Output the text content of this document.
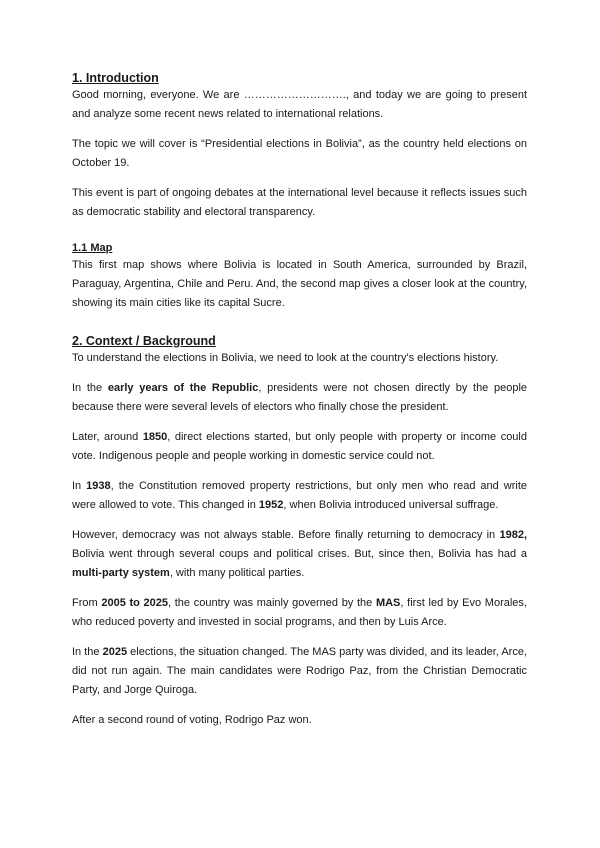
1. Introduction

Good morning, everyone. We are ………………………., and today we are going to present and analyze some recent news related to international relations.

The topic we will cover is “Presidential elections in Bolivia”, as the country held elections on October 19.

This event is part of ongoing debates at the international level because it reflects issues such as democratic stability and electoral transparency.

1.1 Map

This first map shows where Bolivia is located in South America, surrounded by Brazil, Paraguay, Argentina, Chile and Peru. And, the second map gives a closer look at the country, showing its main cities like its capital Sucre.

2. Context / Background

To understand the elections in Bolivia, we need to look at the country's elections history.

In the early years of the Republic, presidents were not chosen directly by the people because there were several levels of electors who finally chose the president.

Later, around 1850, direct elections started, but only people with property or income could vote. Indigenous people and people working in domestic service could not.

In 1938, the Constitution removed property restrictions, but only men who read and write were allowed to vote. This changed in 1952, when Bolivia introduced universal suffrage.

However, democracy was not always stable. Before finally returning to democracy in 1982, Bolivia went through several coups and political crises. But, since then, Bolivia has had a multi-party system, with many political parties.

From 2005 to 2025, the country was mainly governed by the MAS, first led by Evo Morales, who reduced poverty and invested in social programs, and then by Luis Arce.

In the 2025 elections, the situation changed. The MAS party was divided, and its leader, Arce, did not run again. The main candidates were Rodrigo Paz, from the Christian Democratic Party, and Jorge Quiroga.

After a second round of voting, Rodrigo Paz won.
